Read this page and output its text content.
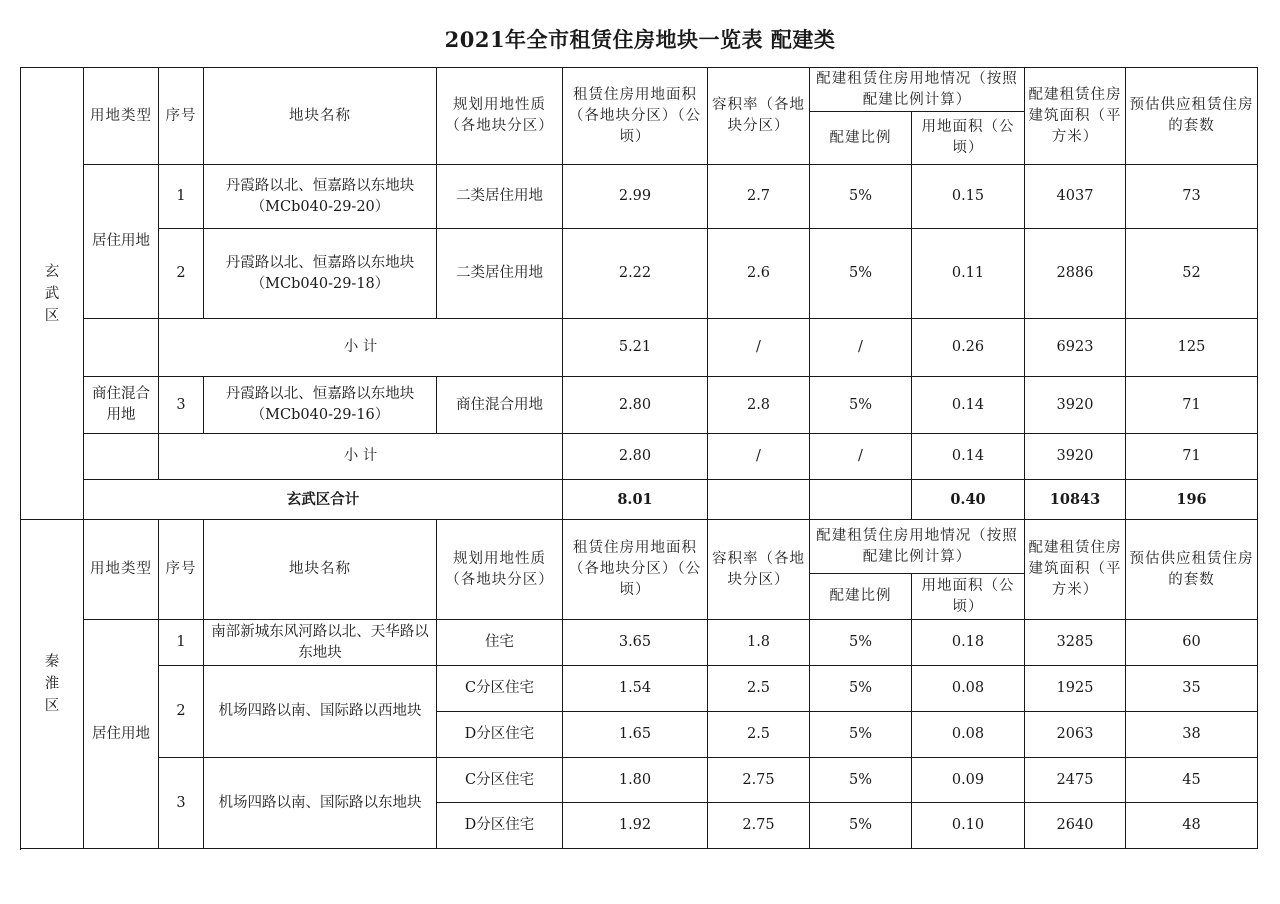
2021年全市租赁住房地块一览表 配建类
玄武区	用地类型	序号	地块名称	规划用地性质（各地块分区）	租赁住房用地面积（各地块分区）（公顷）	容积率（各地块分区）	配建租赁住房用地情况（按照配建比例计算）		配建租赁住房建筑面积（平方米）	预估供应租赁住房的套数
							配建比例	用地面积（公顷）		
	居住用地	1	丹霞路以北、恒嘉路以东地块（MCb040-29-20）	二类居住用地	2.99	2.7	5%	0.15	4037	73
		2	丹霞路以北、恒嘉路以东地块（MCb040-29-18）	二类居住用地	2.22	2.6	5%	0.11	2886	52
		小 计			5.21	/	/	0.26	6923	125
	商住混合用地	3	丹霞路以北、恒嘉路以东地块（MCb040-29-16）	商住混合用地	2.80	2.8	5%	0.14	3920	71
		小 计			2.80	/	/	0.14	3920	71
	玄武区合计				8.01			0.40	10843	196

秦淮区	用地类型	序号	地块名称	规划用地性质（各地块分区）	租赁住房用地面积（各地块分区）（公顷）	容积率（各地块分区）	配建租赁住房用地情况（按照配建比例计算）		配建租赁住房建筑面积（平方米）	预估供应租赁住房的套数
							配建比例	用地面积（公顷）		
	居住用地	1	南部新城东风河路以北、天华路以东地块	住宅	3.65	1.8	5%	0.18	3285	60
		2	机场四路以南、国际路以西地块	C分区住宅	1.54	2.5	5%	0.08	1925	35
				D分区住宅	1.65	2.5	5%	0.08	2063	38
		3	机场四路以南、国际路以东地块	C分区住宅	1.80	2.75	5%	0.09	2475	45
				D分区住宅	1.92	2.75	5%	0.10	2640	48
